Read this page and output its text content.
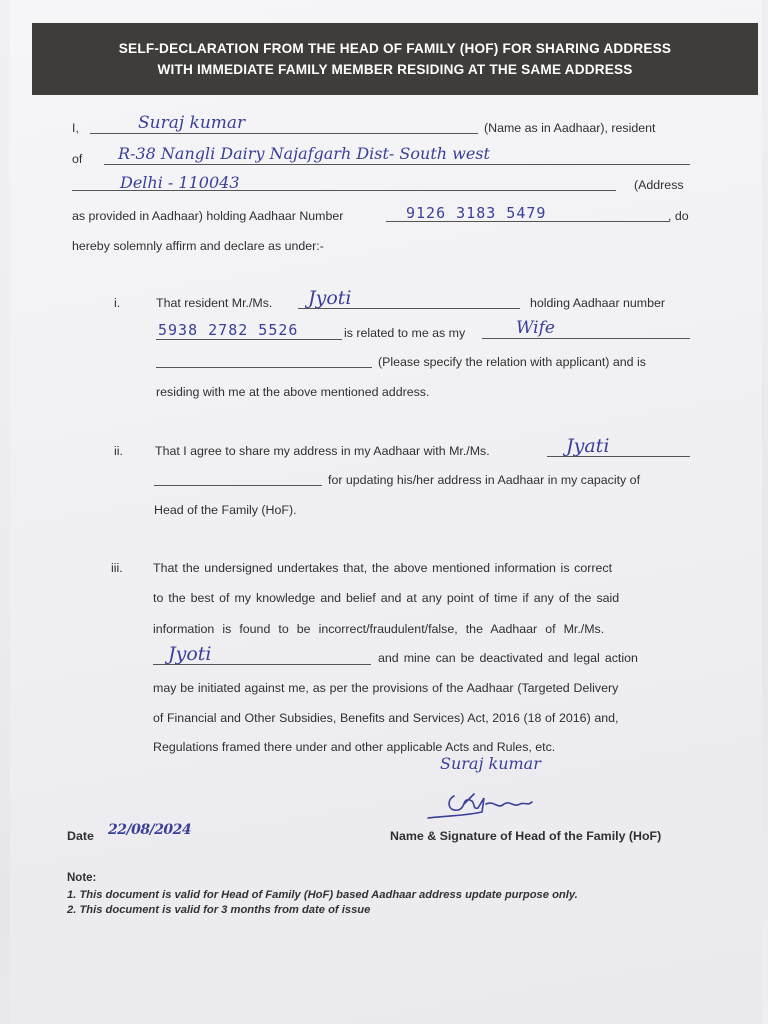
SELF-DECLARATION FROM THE HEAD OF FAMILY (HOF) FOR SHARING ADDRESS
WITH IMMEDIATE FAMILY MEMBER RESIDING AT THE SAME ADDRESS
I,	Suraj kumar	(Name as in Aadhaar), resident
of R-38 Nangli Dairy Najafgarh Dist- South west
Delhi - 110043	(Address
as provided in Aadhaar) holding Aadhaar Number	9126 3183 5479	, do
hereby solemnly affirm and declare as under:-
i.	That resident Mr./Ms. Jyoti	holding Aadhaar number
5938 2782 5526	is related to me as my	Wife
(Please specify the relation with applicant) and is
residing with me at the above mentioned address.
ii.	That I agree to share my address in my Aadhaar with Mr./Ms.	Jyati
for updating his/her address in Aadhaar in my capacity of
Head of the Family (HoF).
iii. That the undersigned undertakes that, the above mentioned information is correct
to the best of my knowledge and belief and at any point of time if any of the said
information is found to be incorrect/fraudulent/false, the Aadhaar of Mr./Ms.
Jyoti	and mine can be deactivated and legal action
may be initiated against me, as per the provisions of the Aadhaar (Targeted Delivery
of Financial and Other Subsidies, Benefits and Services) Act, 2016 (18 of 2016) and,
Regulations framed there under and other applicable Acts and Rules, etc.
Suraj kumar
Date 22/08/2024	Name & Signature of Head of the Family (HoF)
Note:
1. This document is valid for Head of Family (HoF) based Aadhaar address update purpose only.
2. This document is valid for 3 months from date of issue
